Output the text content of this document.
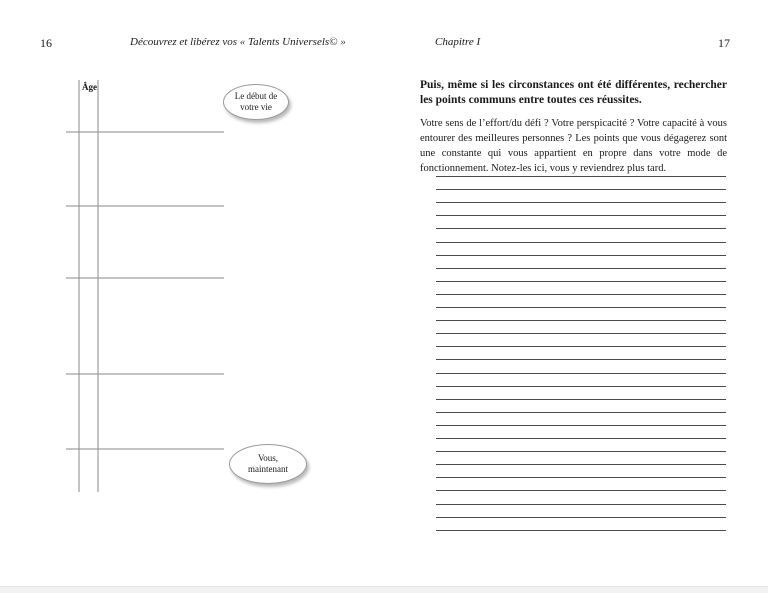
16	Découvrez et libérez vos « Talents Universels© »
Âge
Le début de votre vie
Vous, maintenant
Chapitre I	17
Puis, même si les circonstances ont été différentes, rechercher les points communs entre toutes ces réussites.
Votre sens de l’effort/du défi ? Votre perspicacité ? Votre capacité à vous entourer des meilleures personnes ? Les points que vous dégagerez sont une constante qui vous appartient en propre dans votre mode de fonctionnement. Notez-les ici, vous y reviendrez plus tard.
